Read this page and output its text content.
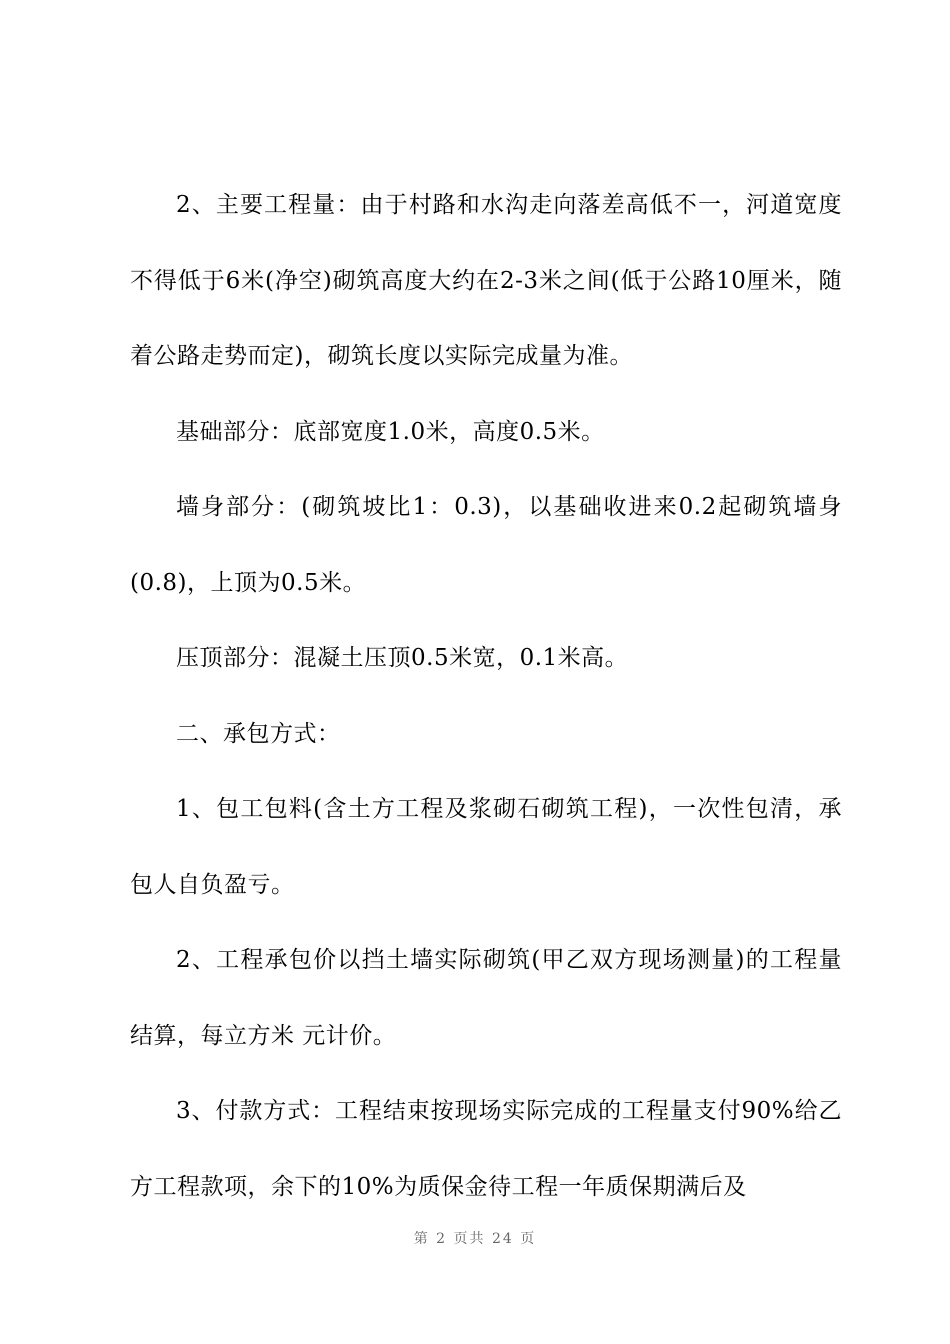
2、主要工程量：由于村路和水沟走向落差高低不一，河道宽度不得低于6米(净空)砌筑高度大约在2-3米之间(低于公路10厘米，随着公路走势而定)，砌筑长度以实际完成量为准。

基础部分：底部宽度1.0米，高度0.5米。

墙身部分：(砌筑坡比1：0.3)，以基础收进来0.2起砌筑墙身(0.8)，上顶为0.5米。

压顶部分：混凝土压顶0.5米宽，0.1米高。

二、承包方式：

1、包工包料(含土方工程及浆砌石砌筑工程)，一次性包清，承包人自负盈亏。

2、工程承包价以挡土墙实际砌筑(甲乙双方现场测量)的工程量结算，每立方米 元计价。

3、付款方式：工程结束按现场实际完成的工程量支付90%给乙方工程款项，余下的10%为质保金待工程一年质保期满后及

第 2 页共 24 页
